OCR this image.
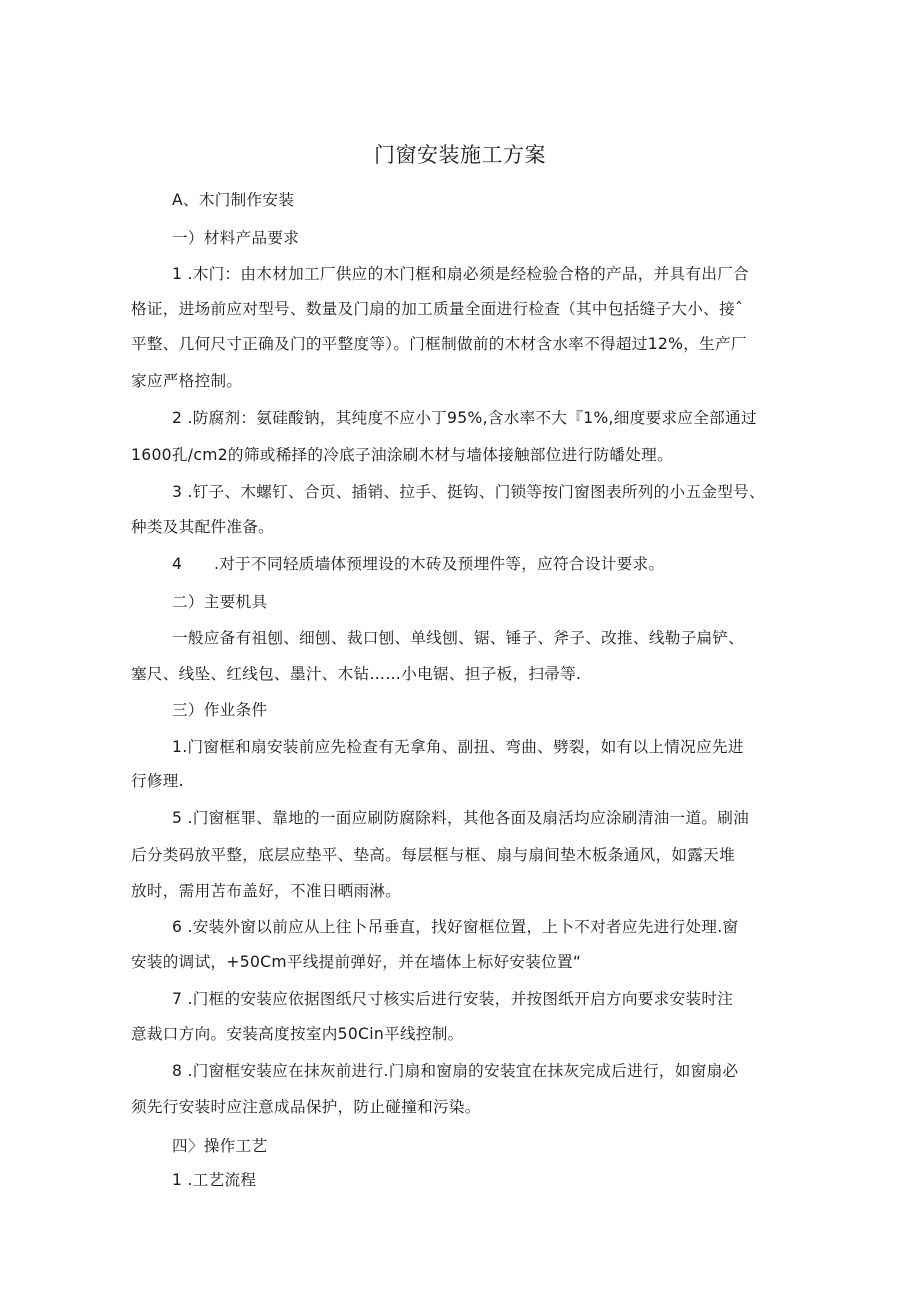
门窗安装施工方案
A、木门制作安装
一）材料产品要求
1 .木门：由木材加工厂供应的木门框和扇必须是经检验合格的产品，并具有出厂合
格证，进场前应对型号、数量及门扇的加工质量全面进行检查（其中包括缝子大小、接ˆ
平整、几何尺寸正确及门的平整度等）。门框制做前的木材含水率不得超过12%，生产厂
家应严格控制。
2 .防腐剂：氨硅酸钠，其纯度不应小丁95%,含水率不大『1%,细度要求应全部通过
1600孔/cm2的筛或稀择的冷底子油涂刷木材与墙体接触部位进行防皤处理。
3 .钉子、木螺钉、合页、插销、拉手、挺钩、门锁等按门窗图表所列的小五金型号、
种类及其配件准备。
4　　.对于不同轻质墙体预埋设的木砖及预埋件等，应符合设计要求。
二）主要机具
一般应备有祖刨、细刨、裁口刨、单线刨、锯、锤子、斧子、改推、线勒子扁铲、
塞尺、线坠、红线包、墨汁、木钻……小电锯、担子板，扫帚等.
三）作业条件
1.门窗框和扇安装前应先检查有无拿角、副扭、弯曲、劈裂，如有以上情况应先进
行修理.
5 .门窗框罪、靠地的一面应刷防腐除料，其他各面及扇活均应涂刷清油一道。刷油
后分类码放平整，底层应垫平、垫高。每层框与框、扇与扇间垫木板条通风，如露天堆
放时，需用苫布盖好，不准日晒雨淋。
6 .安装外窗以前应从上往卜吊垂直，找好窗框位置，上卜不对者应先进行处理.窗
安装的调试，+50Cm平线提前弹好，并在墙体上标好安装位置“
7 .门框的安装应依据图纸尺寸核实后进行安装，并按图纸开启方向要求安装时注
意裁口方向。安装高度按室内50Cin平线控制。
8 .门窗框安装应在抹灰前进行.门扇和窗扇的安装宜在抹灰完成后进行，如窗扇必
须先行安装时应注意成品保护，防止碰撞和污染。
四〉操作工艺
1 .工艺流程
